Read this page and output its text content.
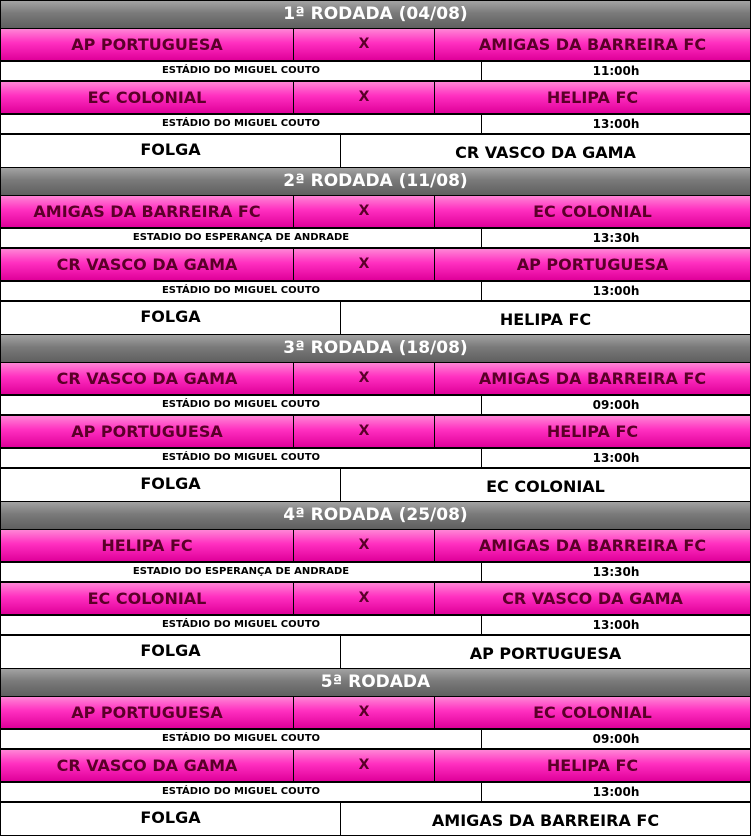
1ª RODADA (04/08)
AP PORTUGUESA	X	AMIGAS DA BARREIRA FC
ESTÁDIO DO MIGUEL COUTO	11:00h
EC COLONIAL	X	HELIPA FC
ESTÁDIO DO MIGUEL COUTO	13:00h
FOLGA	CR VASCO DA GAMA
2ª RODADA (11/08)
AMIGAS DA BARREIRA FC	X	EC COLONIAL
ESTADIO DO ESPERANÇA DE ANDRADE	13:30h
CR VASCO DA GAMA	X	AP PORTUGUESA
ESTÁDIO DO MIGUEL COUTO	13:00h
FOLGA	HELIPA FC
3ª RODADA (18/08)
CR VASCO DA GAMA	X	AMIGAS DA BARREIRA FC
ESTÁDIO DO MIGUEL COUTO	09:00h
AP PORTUGUESA	X	HELIPA FC
ESTÁDIO DO MIGUEL COUTO	13:00h
FOLGA	EC COLONIAL
4ª RODADA (25/08)
HELIPA FC	X	AMIGAS DA BARREIRA FC
ESTADIO DO ESPERANÇA DE ANDRADE	13:30h
EC COLONIAL	X	CR VASCO DA GAMA
ESTÁDIO DO MIGUEL COUTO	13:00h
FOLGA	AP PORTUGUESA
5ª RODADA
AP PORTUGUESA	X	EC COLONIAL
ESTÁDIO DO MIGUEL COUTO	09:00h
CR VASCO DA GAMA	X	HELIPA FC
ESTÁDIO DO MIGUEL COUTO	13:00h
FOLGA	AMIGAS DA BARREIRA FC
